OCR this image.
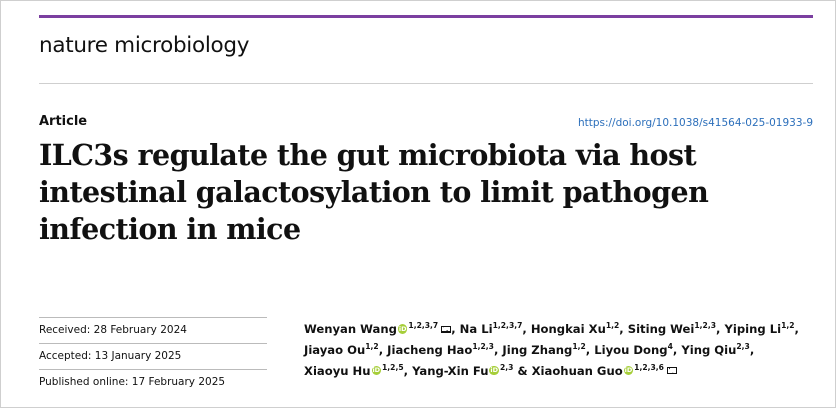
nature microbiology
Article	https://doi.org/10.1038/s41564-025-01933-9
ILC3s regulate the gut microbiota via host intestinal galactosylation to limit pathogen infection in mice
Received: 28 February 2024
Accepted: 13 January 2025
Published online: 17 February 2025
Wenyan Wang iD $^{1,2,3,7}$ , Na Li$^{1,2,3,7}$, Hongkai Xu$^{1,2}$, Siting Wei$^{1,2,3}$, Yiping Li$^{1,2}$,
Jiayao Ou$^{1,2}$, Jiacheng Hao$^{1,2,3}$, Jing Zhang$^{1,2}$, Liyou Dong$^4$, Ying Qiu$^{2,3}$,
Xiaoyu Hu iD $^{1,2,5}$, Yang-Xin Fu iD $^{2,3}$ & Xiaohuan Guo iD $^{1,2,3,6}$
